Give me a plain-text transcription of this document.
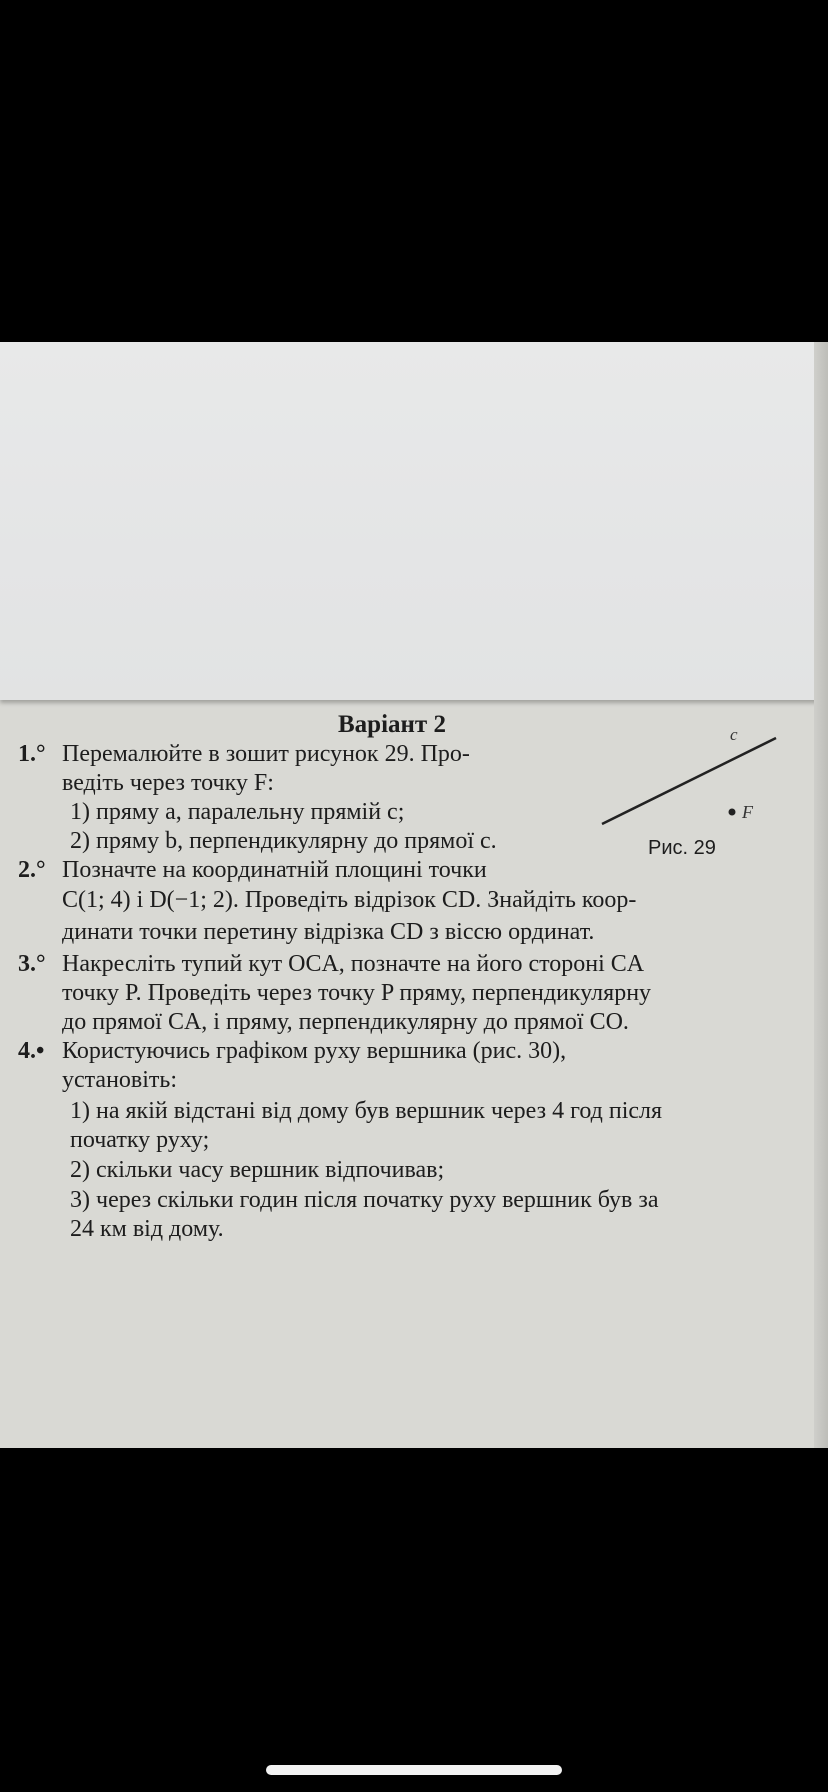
Варіант 2	c
F
Рис. 29
1.° Перемалюйте в зошит рисунок 29. Про-
ведіть через точку F:
1) пряму a, паралельну прямій c;
2) пряму b, перпендикулярну до прямої c.
2.° Позначте на координатній площині точки
C(1; 4) і D(−1; 2). Проведіть відрізок CD. Знайдіть коор-
динати точки перетину відрізка CD з віссю ординат.
3.° Накресліть тупий кут OCA, позначте на його стороні CA
точку P. Проведіть через точку P пряму, перпендикулярну
до прямої CA, і пряму, перпендикулярну до прямої CO.
4.• Користуючись графіком руху вершника (рис. 30),
установіть:
1) на якій відстані від дому був вершник через 4 год після
початку руху;
2) скільки часу вершник відпочивав;
3) через скільки годин після початку руху вершник був за
24 км від дому.
